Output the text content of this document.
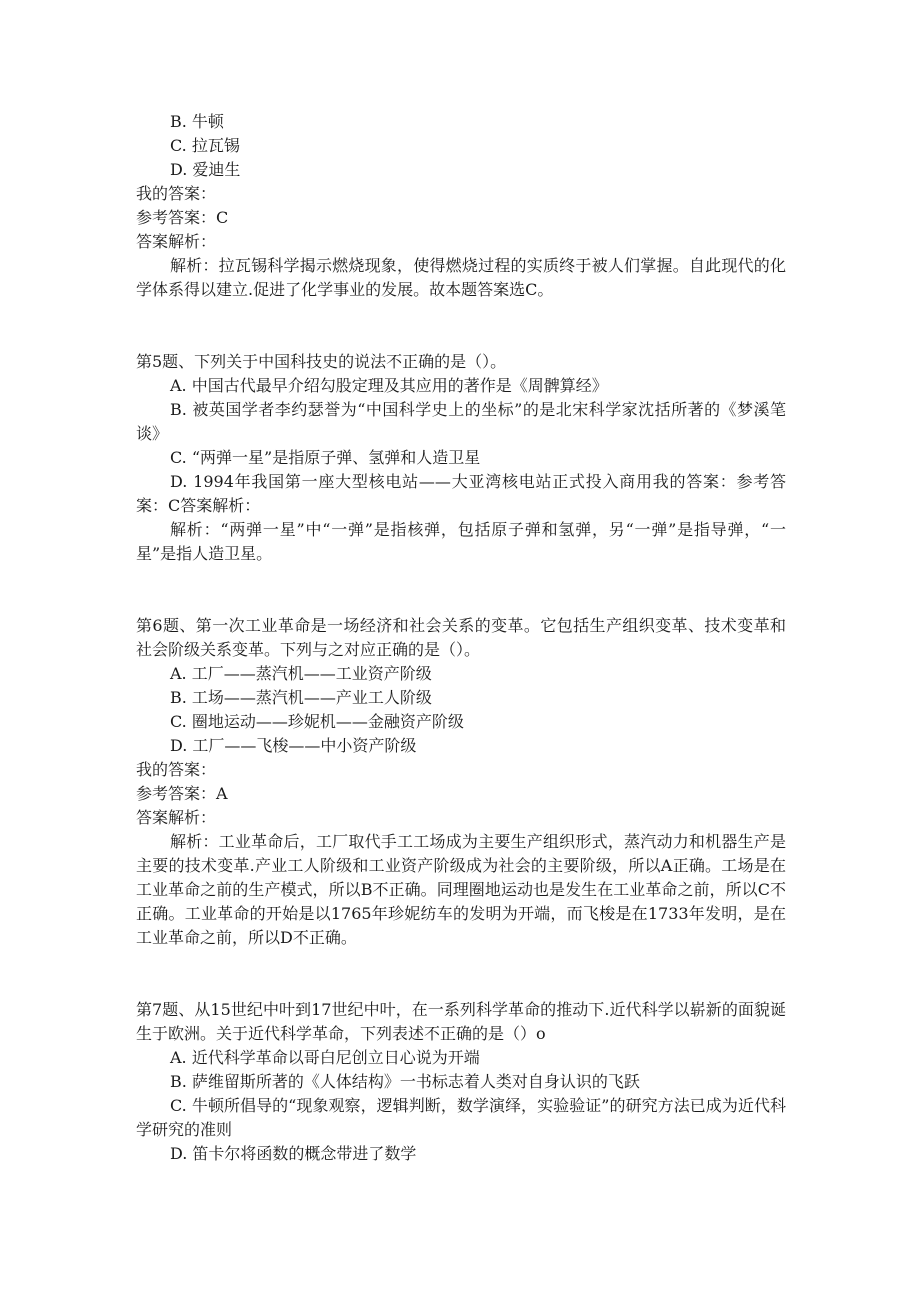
B. 牛顿
C. 拉瓦锡
D. 爱迪生
我的答案：
参考答案：C
答案解析：
解析：拉瓦锡科学揭示燃烧现象，使得燃烧过程的实质终于被人们掌握。自此现代的化学体系得以建立.促进了化学事业的发展。故本题答案选C。
第5题、下列关于中国科技史的说法不正确的是（）。
A. 中国古代最早介绍勾股定理及其应用的著作是《周髀算经》
B. 被英国学者李约瑟誉为“中国科学史上的坐标”的是北宋科学家沈括所著的《梦溪笔谈》
C. “两弹一星”是指原子弹、氢弹和人造卫星
D. 1994年我国第一座大型核电站——大亚湾核电站正式投入商用我的答案：参考答案：C答案解析：
解析：“两弹一星”中“一弹”是指核弹，包括原子弹和氢弹，另“一弹”是指导弹，“一星”是指人造卫星。
第6题、第一次工业革命是一场经济和社会关系的变革。它包括生产组织变革、技术变革和社会阶级关系变革。下列与之对应正确的是（）。
A. 工厂——蒸汽机——工业资产阶级
B. 工场——蒸汽机——产业工人阶级
C. 圈地运动——珍妮机——金融资产阶级
D. 工厂——飞梭——中小资产阶级
我的答案：
参考答案：A
答案解析：
解析：工业革命后，工厂取代手工工场成为主要生产组织形式，蒸汽动力和机器生产是主要的技术变革.产业工人阶级和工业资产阶级成为社会的主要阶级，所以A正确。工场是在工业革命之前的生产模式，所以B不正确。同理圈地运动也是发生在工业革命之前，所以C不正确。工业革命的开始是以1765年珍妮纺车的发明为开端，而飞梭是在1733年发明，是在工业革命之前，所以D不正确。
第7题、从15世纪中叶到17世纪中叶，在一系列科学革命的推动下.近代科学以崭新的面貌诞生于欧洲。关于近代科学革命，下列表述不正确的是（）o
A. 近代科学革命以哥白尼创立日心说为开端
B. 萨维留斯所著的《人体结构》一书标志着人类对自身认识的飞跃
C. 牛顿所倡导的“现象观察，逻辑判断，数学演绎，实验验证”的研究方法已成为近代科学研究的准则
D. 笛卡尔将函数的概念带进了数学
